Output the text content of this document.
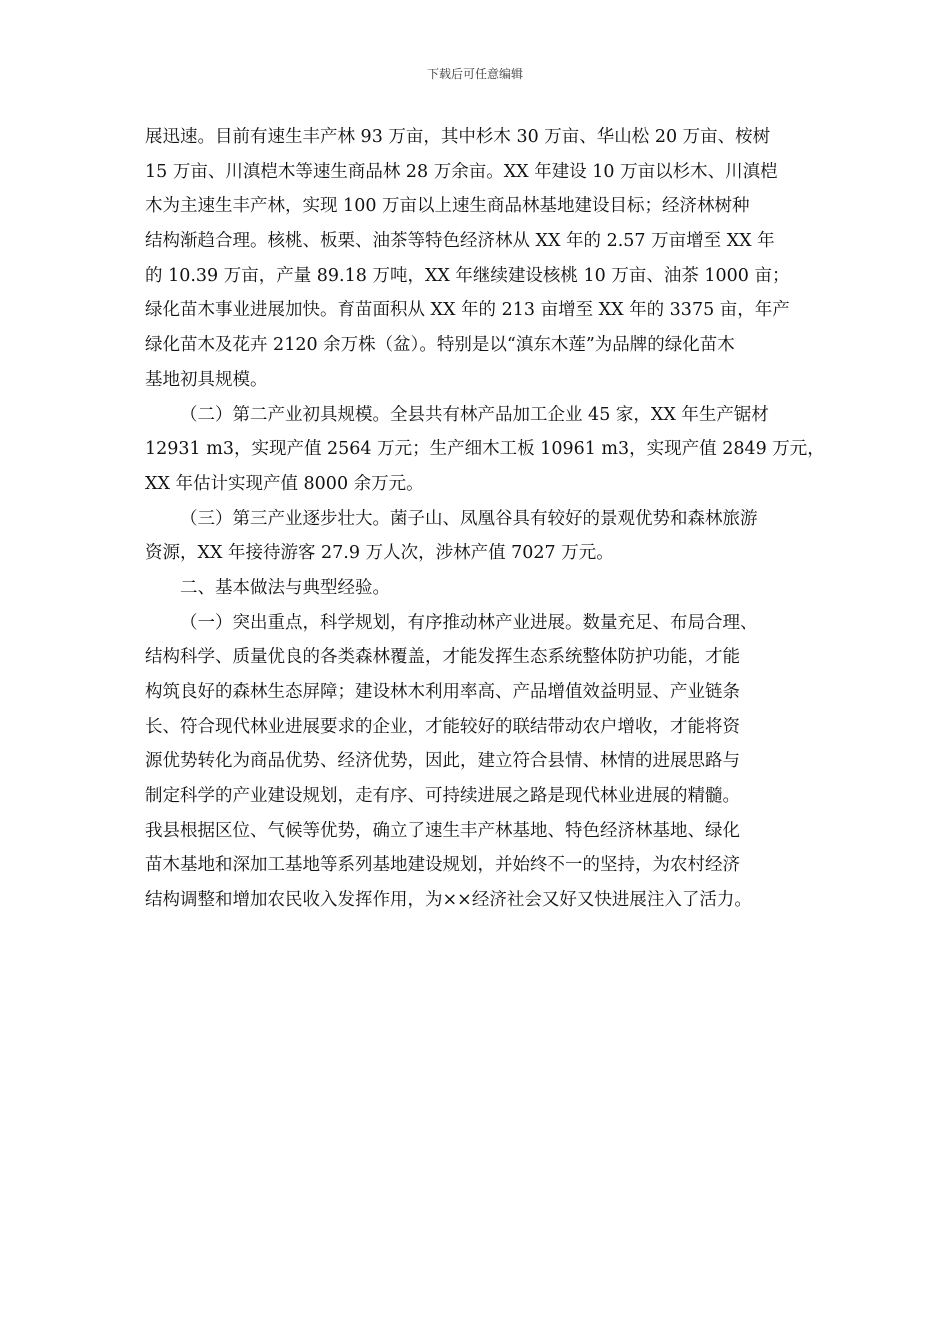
下载后可任意编辑
展迅速。目前有速生丰产林 93 万亩，其中杉木 30 万亩、华山松 20 万亩、桉树
15 万亩、川滇桤木等速生商品林 28 万余亩。XX 年建设 10 万亩以杉木、川滇桤
木为主速生丰产林，实现 100 万亩以上速生商品林基地建设目标；经济林树种
结构渐趋合理。核桃、板栗、油茶等特色经济林从 XX 年的 2.57 万亩增至 XX 年
的 10.39 万亩，产量 89.18 万吨，XX 年继续建设核桃 10 万亩、油茶 1000 亩；
绿化苗木事业进展加快。育苗面积从 XX 年的 213 亩增至 XX 年的 3375 亩，年产
绿化苗木及花卉 2120 余万株（盆）。特别是以“滇东木莲”为品牌的绿化苗木
基地初具规模。
（二）第二产业初具规模。全县共有林产品加工企业 45 家，XX 年生产锯材
12931 m3，实现产值 2564 万元；生产细木工板 10961 m3，实现产值 2849 万元，
XX 年估计实现产值 8000 余万元。
（三）第三产业逐步壮大。菌子山、凤凰谷具有较好的景观优势和森林旅游
资源，XX 年接待游客 27.9 万人次，涉林产值 7027 万元。
二、基本做法与典型经验。
（一）突出重点，科学规划，有序推动林产业进展。数量充足、布局合理、
结构科学、质量优良的各类森林覆盖，才能发挥生态系统整体防护功能，才能
构筑良好的森林生态屏障；建设林木利用率高、产品增值效益明显、产业链条
长、符合现代林业进展要求的企业，才能较好的联结带动农户增收，才能将资
源优势转化为商品优势、经济优势，因此，建立符合县情、林情的进展思路与
制定科学的产业建设规划，走有序、可持续进展之路是现代林业进展的精髓。
我县根据区位、气候等优势，确立了速生丰产林基地、特色经济林基地、绿化
苗木基地和深加工基地等系列基地建设规划，并始终不一的坚持，为农村经济
结构调整和增加农民收入发挥作用，为××经济社会又好又快进展注入了活力。
